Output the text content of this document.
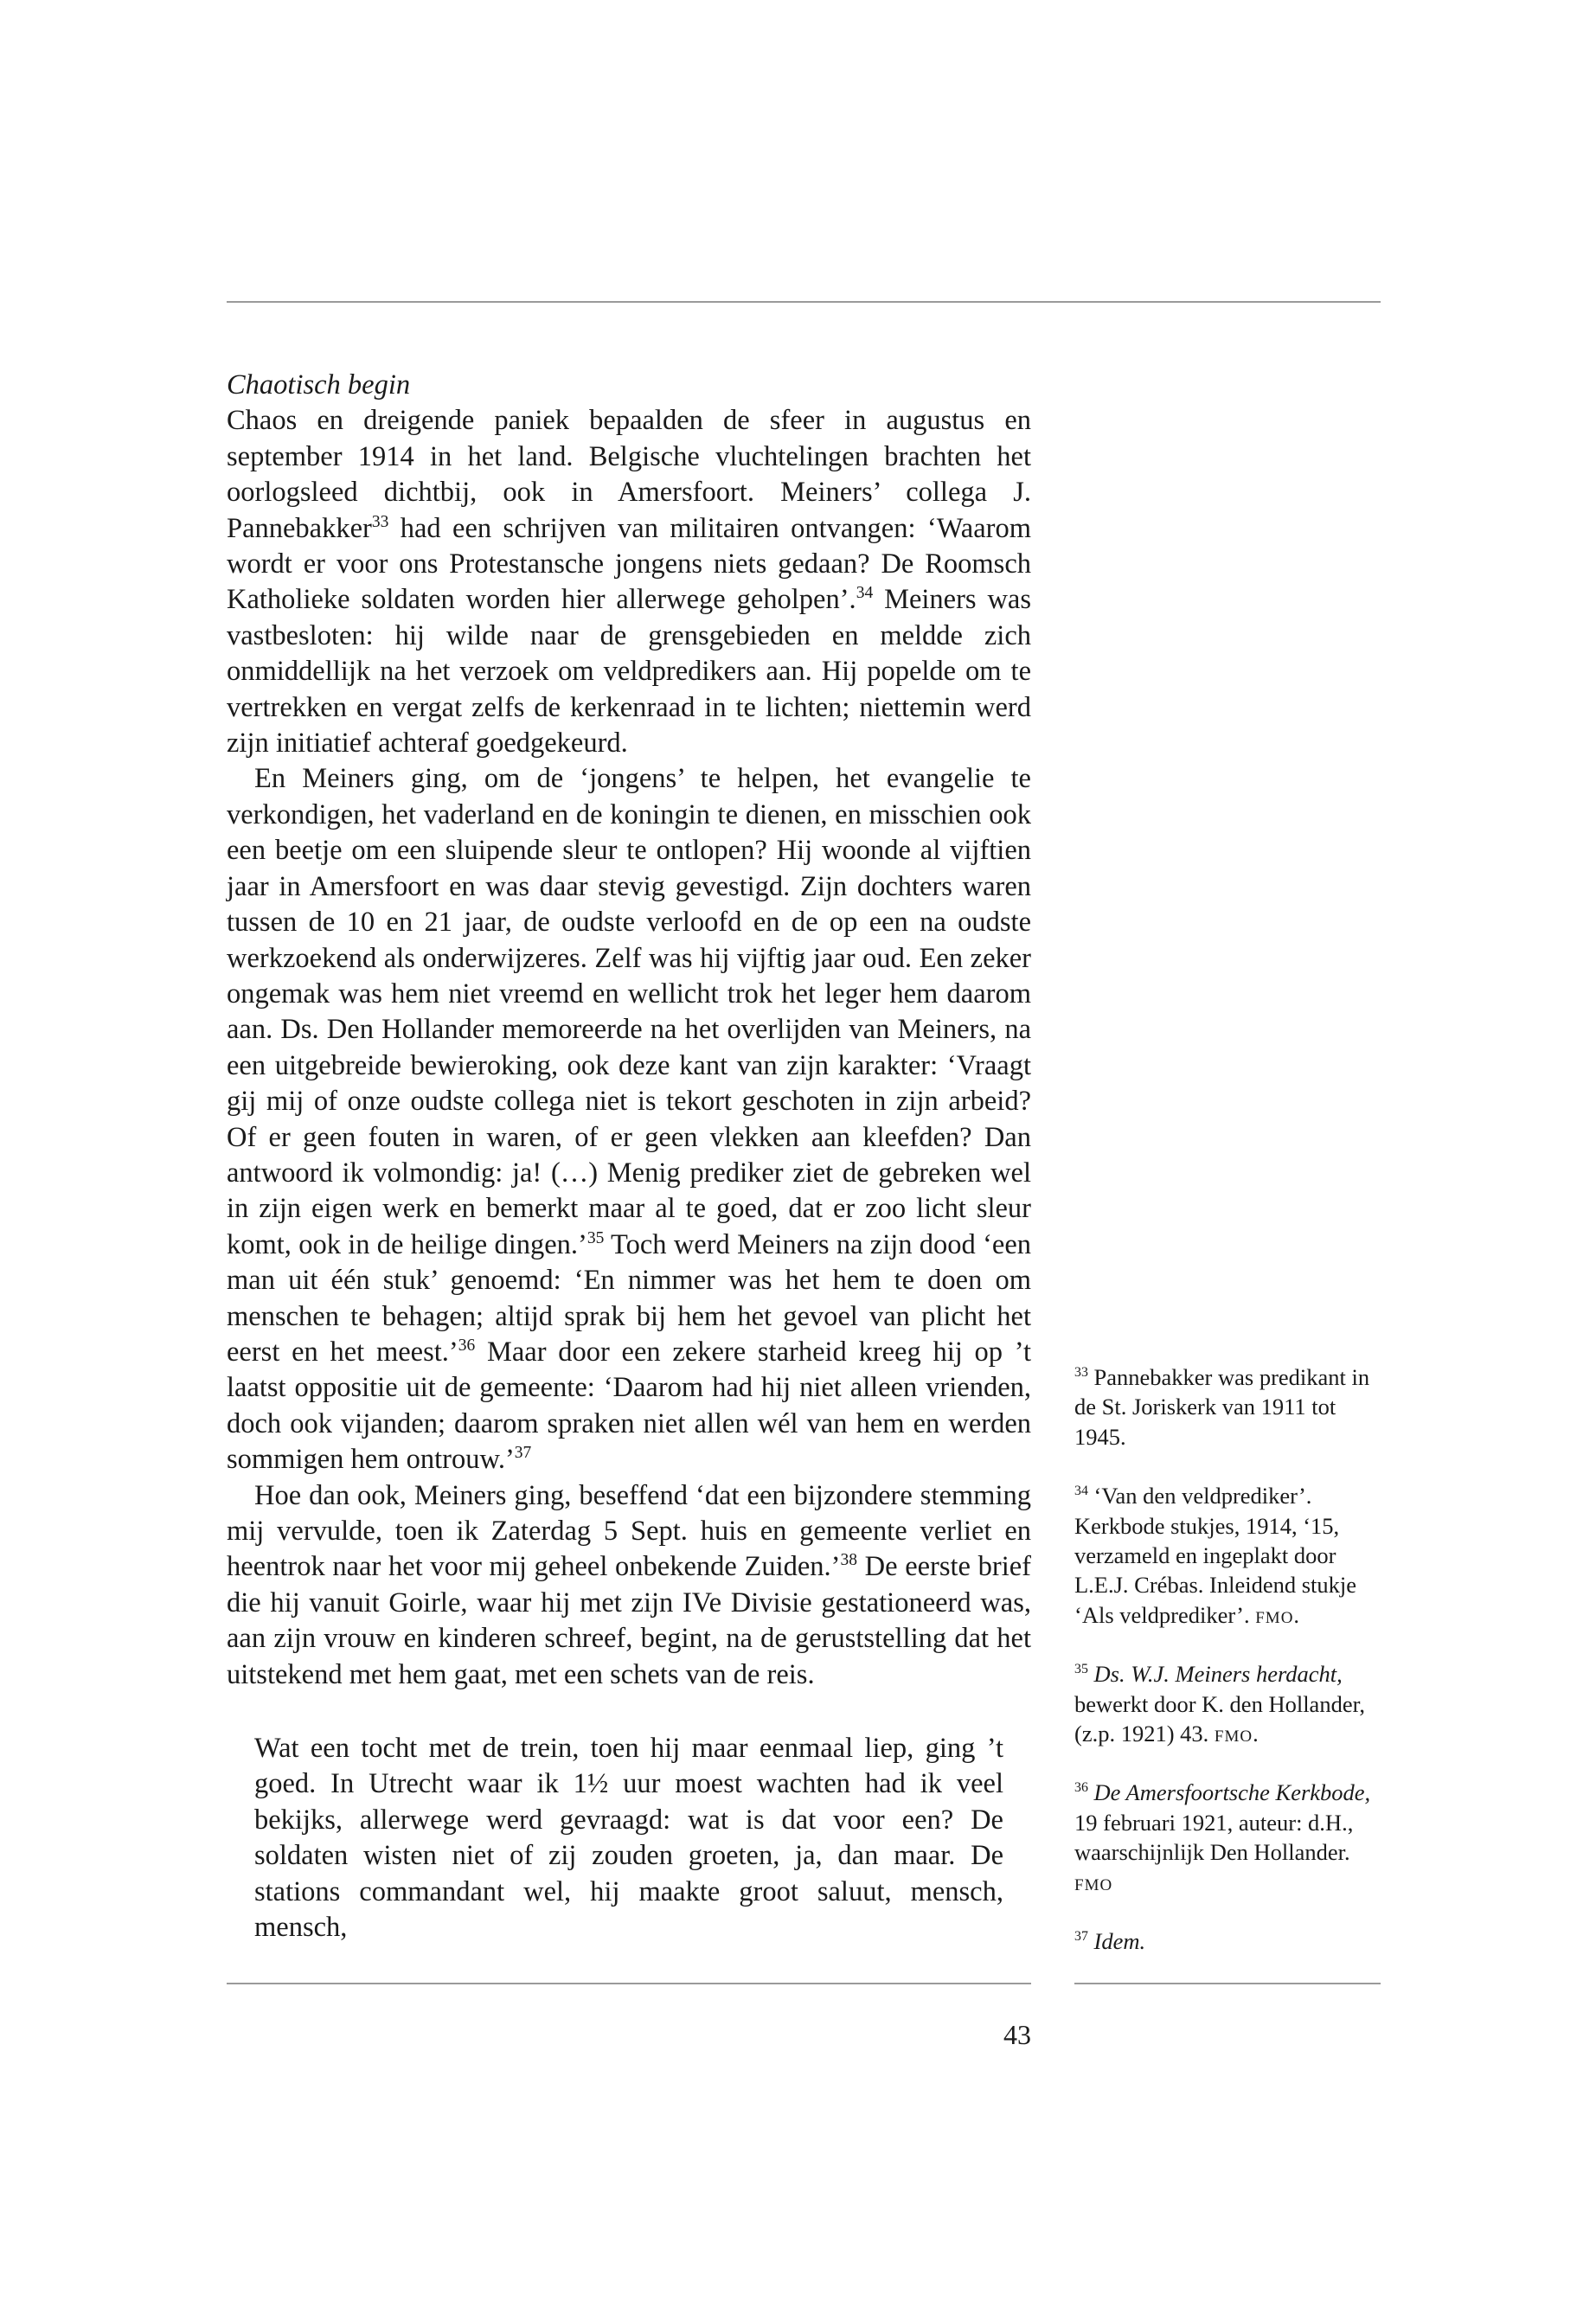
Chaotisch begin

Chaos en dreigende paniek bepaalden de sfeer in augustus en september 1914 in het land. Belgische vluchtelingen brachten het oorlogsleed dichtbij, ook in Amersfoort. Meiners’ collega J. Pannebakker$^{33}$ had een schrijven van militairen ontvangen: ‘Waarom wordt er voor ons Protestansche jongens niets gedaan? De Roomsch Katholieke soldaten worden hier allerwege geholpen’.$^{34}$ Meiners was vastbesloten: hij wilde naar de grensgebieden en meldde zich onmiddellijk na het verzoek om veldpredikers aan. Hij popelde om te vertrekken en vergat zelfs de kerkenraad in te lichten; niettemin werd zijn initiatief achteraf goedgekeurd.

En Meiners ging, om de ‘jongens’ te helpen, het evangelie te verkondigen, het vaderland en de koningin te dienen, en misschien ook een beetje om een sluipende sleur te ontlopen? Hij woonde al vijftien jaar in Amersfoort en was daar stevig gevestigd. Zijn dochters waren tussen de 10 en 21 jaar, de oudste verloofd en de op een na oudste werkzoekend als onderwijzeres. Zelf was hij vijftig jaar oud. Een zeker ongemak was hem niet vreemd en wellicht trok het leger hem daarom aan. Ds. Den Hollander memoreerde na het overlijden van Meiners, na een uitgebreide bewieroking, ook deze kant van zijn karakter: ‘Vraagt gij mij of onze oudste collega niet is tekort geschoten in zijn arbeid? Of er geen fouten in waren, of er geen vlekken aan kleefden? Dan antwoord ik volmondig: ja! (…) Menig prediker ziet de gebreken wel in zijn eigen werk en bemerkt maar al te goed, dat er zoo licht sleur komt, ook in de heilige dingen.’$^{35}$ Toch werd Meiners na zijn dood ‘een man uit één stuk’ genoemd: ‘En nimmer was het hem te doen om menschen te behagen; altijd sprak bij hem het gevoel van plicht het eerst en het meest.’$^{36}$ Maar door een zekere starheid kreeg hij op ’t laatst oppositie uit de gemeente: ‘Daarom had hij niet alleen vrienden, doch ook vijanden; daarom spraken niet allen wél van hem en werden sommigen hem ontrouw.’$^{37}$

Hoe dan ook, Meiners ging, beseffend ‘dat een bijzondere stemming mij vervulde, toen ik Zaterdag 5 Sept. huis en gemeente verliet en heentrok naar het voor mij geheel onbekende Zuiden.’$^{38}$ De eerste brief die hij vanuit Goirle, waar hij met zijn IVe Divisie gestationeerd was, aan zijn vrouw en kinderen schreef, begint, na de geruststelling dat het uitstekend met hem gaat, met een schets van de reis.

Wat een tocht met de trein, toen hij maar eenmaal liep, ging ’t goed. In Utrecht waar ik 1½ uur moest wachten had ik veel bekijks, allerwege werd gevraagd: wat is dat voor een? De soldaten wisten niet of zij zouden groeten, ja, dan maar. De stations commandant wel, hij maakte groot saluut, mensch, mensch,

$^{33}$ Pannebakker was predikant in de St. Joriskerk van 1911 tot 1945.

$^{34}$ ‘Van den veldprediker’. Kerkbode stukjes, 1914, ‘15, verzameld en ingeplakt door L.E.J. Crébas. Inleidend stukje ‘Als veldprediker’. fmo.

$^{35}$ Ds. W.J. Meiners herdacht, bewerkt door K. den Hollander, (z.p. 1921) 43. fmo.

$^{36}$ De Amersfoortsche Kerkbode, 19 februari 1921, auteur: d.H., waarschijnlijk Den Hollander. fmo

$^{37}$ Idem.

43
